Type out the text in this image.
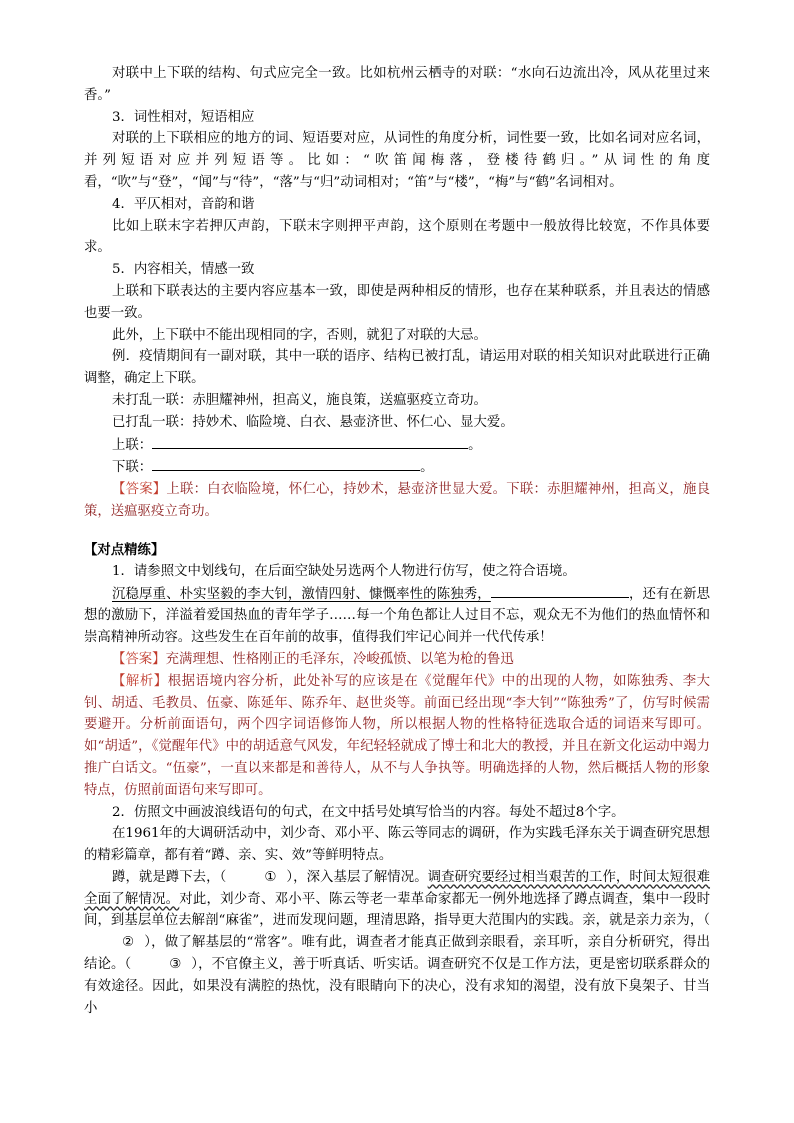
对联中上下联的结构、句式应完全一致。比如杭州云栖寺的对联：“水向石边流出冷，风从花里过来香。”

3．词性相对，短语相应

对联的上下联相应的地方的词、短语要对应，从词性的角度分析，词性要一致，比如名词对应名词，并列短语对应并列短语等。比如：“吹笛闻梅落，登楼待鹤归。”从词性的角度看，“吹”与“登”，“闻”与“待”，“落”与“归”动词相对；“笛”与“楼”，“梅”与“鹤”名词相对。

4．平仄相对，音韵和谐

比如上联末字若押仄声韵，下联末字则押平声韵，这个原则在考题中一般放得比较宽，不作具体要求。

5．内容相关，情感一致

上联和下联表达的主要内容应基本一致，即使是两种相反的情形，也存在某种联系，并且表达的情感也要一致。

此外，上下联中不能出现相同的字，否则，就犯了对联的大忌。

例．疫情期间有一副对联，其中一联的语序、结构已被打乱，请运用对联的相关知识对此联进行正确调整，确定上下联。

未打乱一联：赤胆耀神州，担高义，施良策，送瘟驱疫立奇功。

已打乱一联：持妙术、临险境、白衣、悬壶济世、怀仁心、显大爱。

上联：	。

下联：	。

【答案】上联：白衣临险境，怀仁心，持妙术，悬壶济世显大爱。下联：赤胆耀神州，担高义，施良策，送瘟驱疫立奇功。

【对点精练】

1．请参照文中划线句，在后面空缺处另选两个人物进行仿写，使之符合语境。

沉稳厚重、朴实坚毅的李大钊，激情四射、慷慨率性的陈独秀，	，还有在新思想的激励下，洋溢着爱国热血的青年学子……每一个角色都让人过目不忘，观众无不为他们的热血情怀和崇高精神所动容。这些发生在百年前的故事，值得我们牢记心间并一代代传承！

【答案】充满理想、性格刚正的毛泽东，冷峻孤愤、以笔为枪的鲁迅

【解析】根据语境内容分析，此处补写的应该是在《觉醒年代》中的出现的人物，如陈独秀、李大钊、胡适、毛教员、伍豪、陈延年、陈乔年、赵世炎等。前面已经出现“李大钊”“陈独秀”了，仿写时候需要避开。分析前面语句，两个四字词语修饰人物，所以根据人物的性格特征选取合适的词语来写即可。如“胡适”，《觉醒年代》中的胡适意气风发，年纪轻轻就成了博士和北大的教授，并且在新文化运动中竭力推广白话文。“伍豪”，一直以来都是和善待人，从不与人争执等。明确选择的人物，然后概括人物的形象特点，仿照前面语句来写即可。

2．仿照文中画波浪线语句的句式，在文中括号处填写恰当的内容。每处不超过8个字。

在1961年的大调研活动中，刘少奇、邓小平、陈云等同志的调研，作为实践毛泽东关于调查研究思想的精彩篇章，都有着“蹲、亲、实、效”等鲜明特点。

蹲，就是蹲下去，（	① ），深入基层了解情况。调查研究要经过相当艰苦的工作，时间太短很难全面了解情况。对此，刘少奇、邓小平、陈云等老一辈革命家都无一例外地选择了蹲点调查，集中一段时间，到基层单位去解剖“麻雀”，进而发现问题，理清思路，指导更大范围内的实践。亲，就是亲力亲为，（② ），做了解基层的“常客”。唯有此，调查者才能真正做到亲眼看，亲耳听，亲自分析研究，得出结论。（	③ ），不官僚主义，善于听真话、听实话。调查研究不仅是工作方法，更是密切联系群众的有效途径。因此，如果没有满腔的热忱，没有眼睛向下的决心，没有求知的渴望，没有放下臭架子、甘当小
